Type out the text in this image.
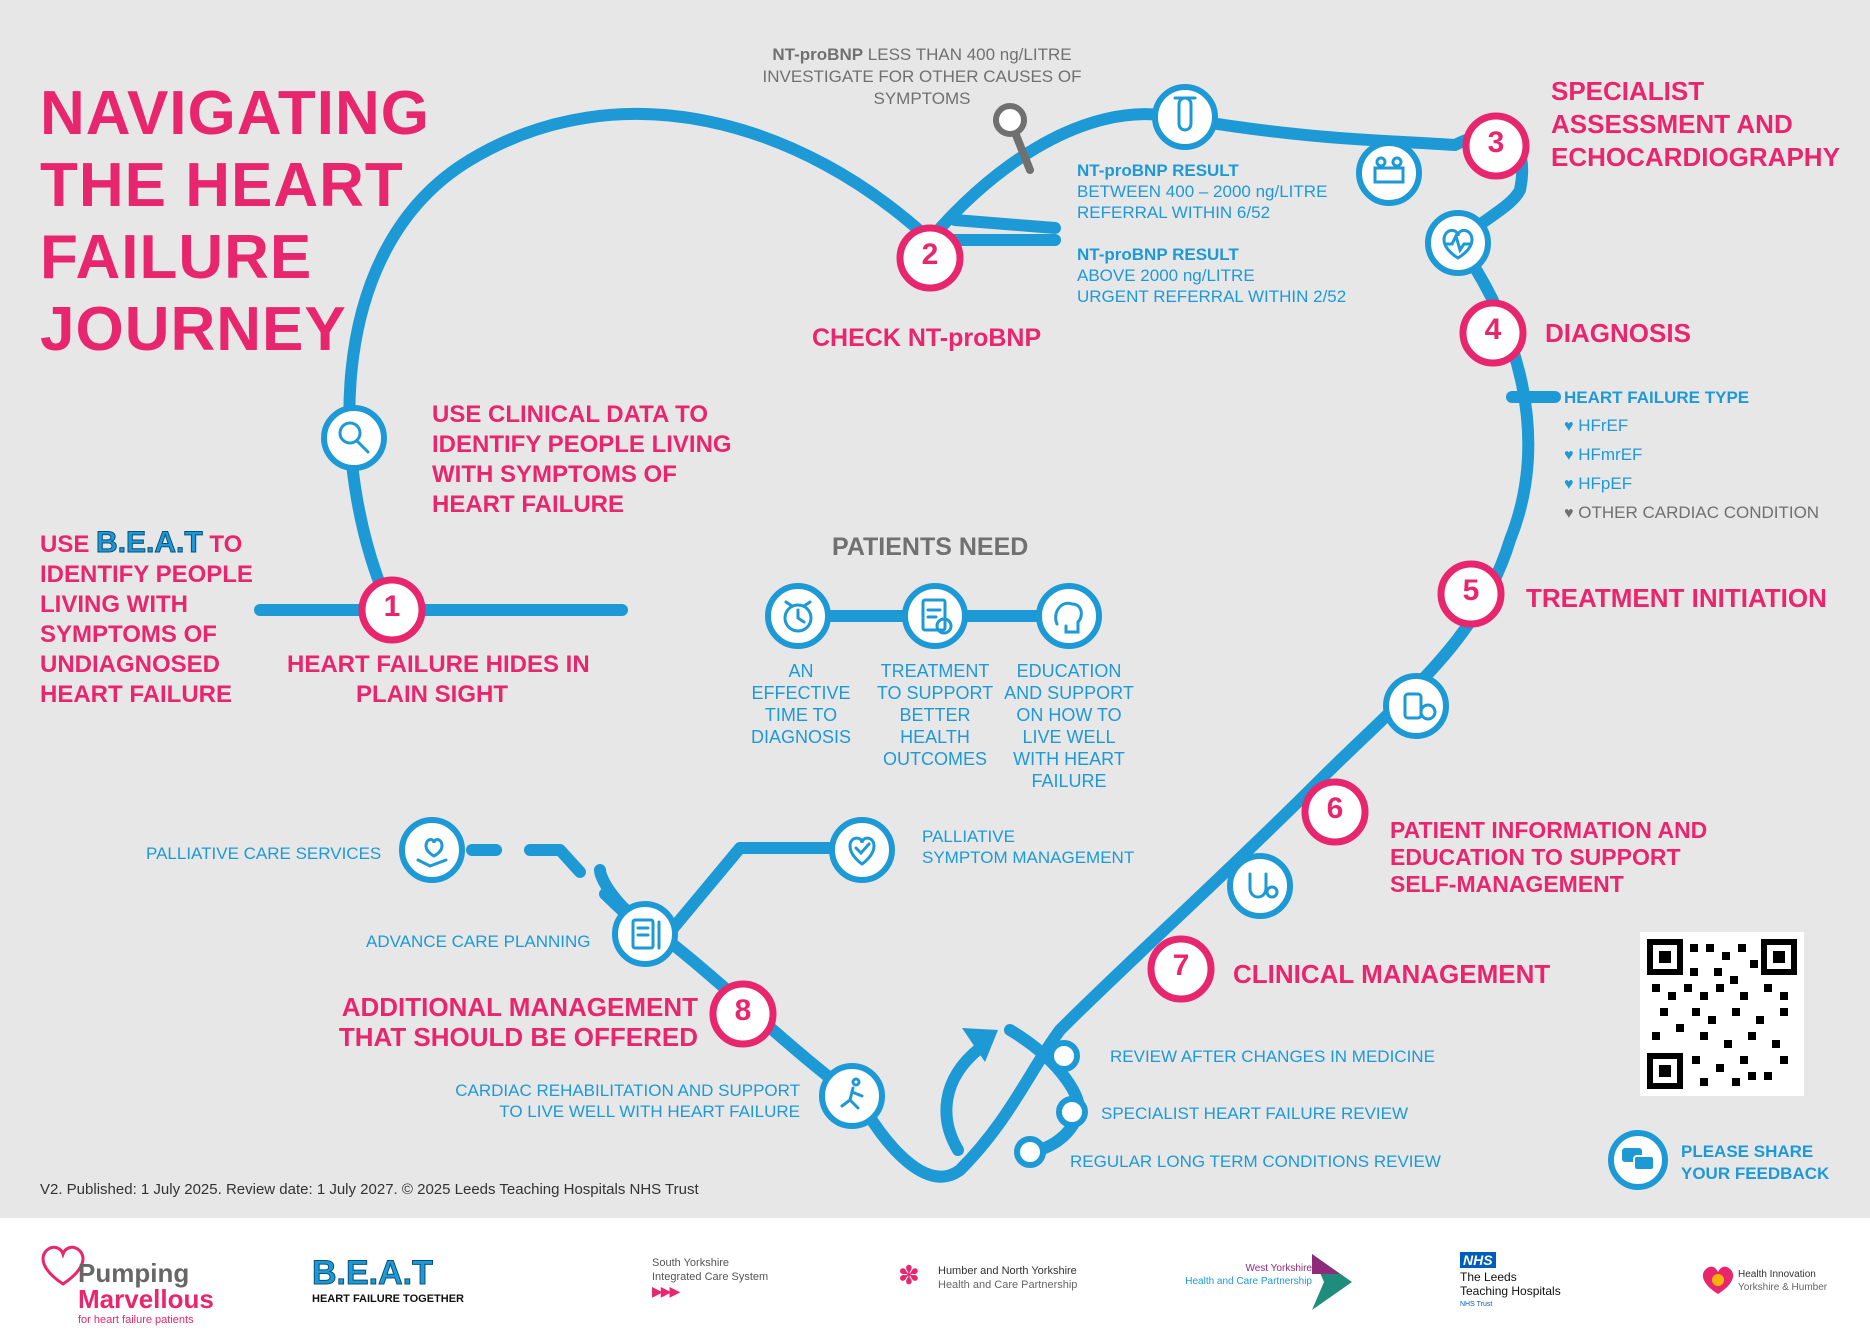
1
2
3
4
5
6
7
8
NAVIGATING
THE HEART
FAILURE
JOURNEY
USE B.E.A.T TO
IDENTIFY PEOPLE
LIVING WITH
SYMPTOMS OF
UNDIAGNOSED
HEART FAILURE
HEART FAILURE HIDES IN
PLAIN SIGHT
USE CLINICAL DATA TO
IDENTIFY PEOPLE LIVING
WITH SYMPTOMS OF
HEART FAILURE
CHECK NT-proBNP
NT-proBNP LESS THAN 400 ng/LITRE
INVESTIGATE FOR OTHER CAUSES OF SYMPTOMS
NT-proBNP RESULT
BETWEEN 400 – 2000 ng/LITRE
REFERRAL WITHIN 6/52
NT-proBNP RESULT
ABOVE 2000 ng/LITRE
URGENT REFERRAL WITHIN 2/52
SPECIALIST
ASSESSMENT AND
ECHOCARDIOGRAPHY
DIAGNOSIS
HEART FAILURE TYPE
♥ HFrEF
♥ HFmrEF
♥ HFpEF
♥ OTHER CARDIAC CONDITION
TREATMENT INITIATION
PATIENTS NEED
AN EFFECTIVE
TIME TO
DIAGNOSIS
TREATMENT
TO SUPPORT
BETTER
HEALTH
OUTCOMES
EDUCATION
AND SUPPORT
ON HOW TO
LIVE WELL
WITH HEART
FAILURE
PATIENT INFORMATION AND
EDUCATION TO SUPPORT
SELF-MANAGEMENT
CLINICAL MANAGEMENT
PALLIATIVE CARE SERVICES
PALLIATIVE
SYMPTOM MANAGEMENT
ADVANCE CARE PLANNING
ADDITIONAL MANAGEMENT
THAT SHOULD BE OFFERED
CARDIAC REHABILITATION AND SUPPORT
TO LIVE WELL WITH HEART FAILURE
REVIEW AFTER CHANGES IN MEDICINE
SPECIALIST HEART FAILURE REVIEW
REGULAR LONG TERM CONDITIONS REVIEW
PLEASE SHARE
YOUR FEEDBACK
V2. Published: 1 July 2025. Review date: 1 July 2027. © 2025 Leeds Teaching Hospitals NHS Trust
Pumping
Marvellous
for heart failure patients
B.E.A.T
HEART FAILURE TOGETHER
South Yorkshire
Integrated Care System
▶▶▶
✽ Humber and North Yorkshire
Health and Care Partnership
West Yorkshire
Health and Care Partnership
NHS
The Leeds
Teaching Hospitals
NHS Trust
Health Innovation
Yorkshire & Humber
